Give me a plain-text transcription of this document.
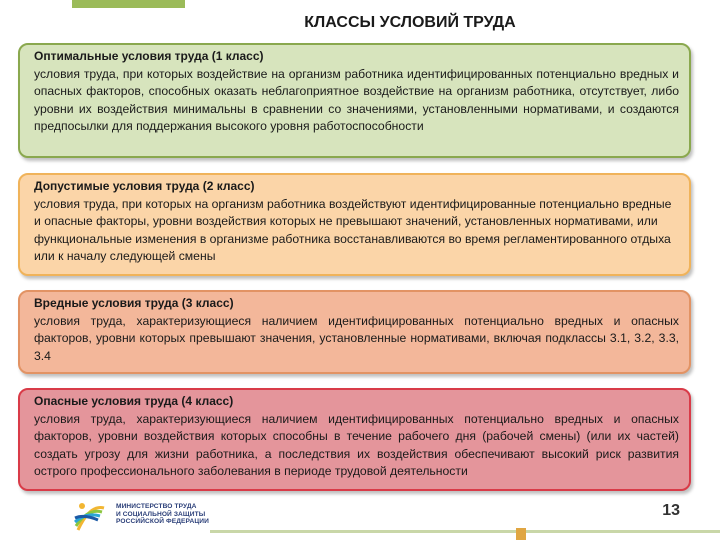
КЛАССЫ УСЛОВИЙ ТРУДА
Оптимальные условия труда (1 класс)
условия труда, при которых воздействие на организм работника идентифицированных потенциально вредных и опасных факторов, способных оказать неблагоприятное воздействие на организм работника, отсутствует, либо уровни их воздействия минимальны в сравнении со значениями, установленными нормативами, и создаются предпосылки для поддержания высокого уровня работоспособности
Допустимые условия труда (2 класс)
условия труда, при которых на организм работника воздействуют идентифицированные потенциально вредные и опасные факторы, уровни воздействия которых не превышают значений, установленных нормативами, или функциональные изменения в организме работника восстанавливаются во время регламентированного отдыха или к началу следующей смены
Вредные условия труда (3 класс)
условия труда, характеризующиеся наличием идентифицированных потенциально вредных и опасных факторов, уровни которых превышают значения, установленные нормативами, включая подклассы 3.1, 3.2, 3.3, 3.4
Опасные условия труда (4 класс)
условия труда, характеризующиеся наличием идентифицированных потенциально вредных и опасных факторов, уровни воздействия которых способны в течение рабочего дня (рабочей смены) (или их частей) создать угрозу для жизни работника, а последствия их воздействия обеспечивают высокий риск развития острого профессионального заболевания в периоде трудовой деятельности
МИНИСТЕРСТВО ТРУДА
И СОЦИАЛЬНОЙ ЗАЩИТЫ
РОССИЙСКОЙ ФЕДЕРАЦИИ
13
